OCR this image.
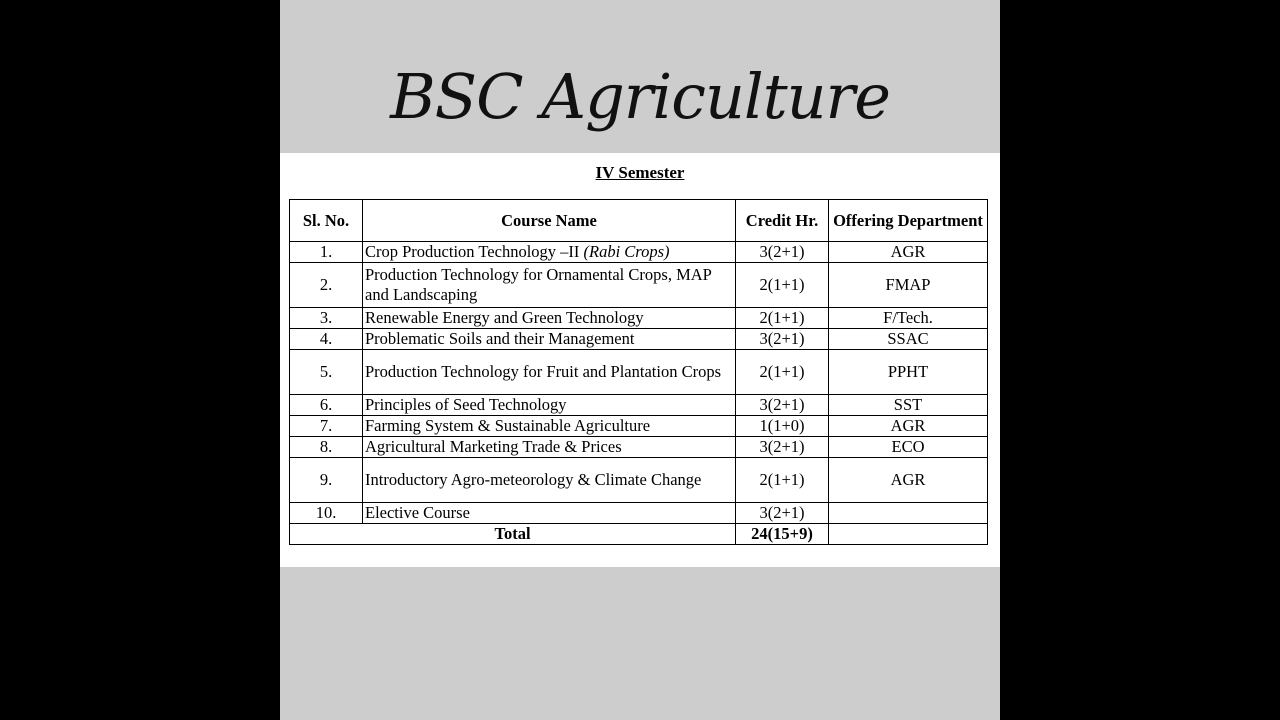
BSC Agriculture
IV Semester
Sl. No.	Course Name	Credit Hr.	Offering Department
1.	Crop Production Technology –II (Rabi Crops)	3(2+1)	AGR
2.	Production Technology for Ornamental Crops, MAP and Landscaping	2(1+1)	FMAP
3.	Renewable Energy and Green Technology	2(1+1)	F/Tech.
4.	Problematic Soils and their Management	3(2+1)	SSAC
5.	Production Technology for Fruit and Plantation Crops	2(1+1)	PPHT
6.	Principles of Seed Technology	3(2+1)	SST
7.	Farming System & Sustainable Agriculture	1(1+0)	AGR
8.	Agricultural Marketing Trade & Prices	3(2+1)	ECO
9.	Introductory Agro-meteorology & Climate Change	2(1+1)	AGR
10.	Elective Course	3(2+1)	
Total		24(15+9)	
